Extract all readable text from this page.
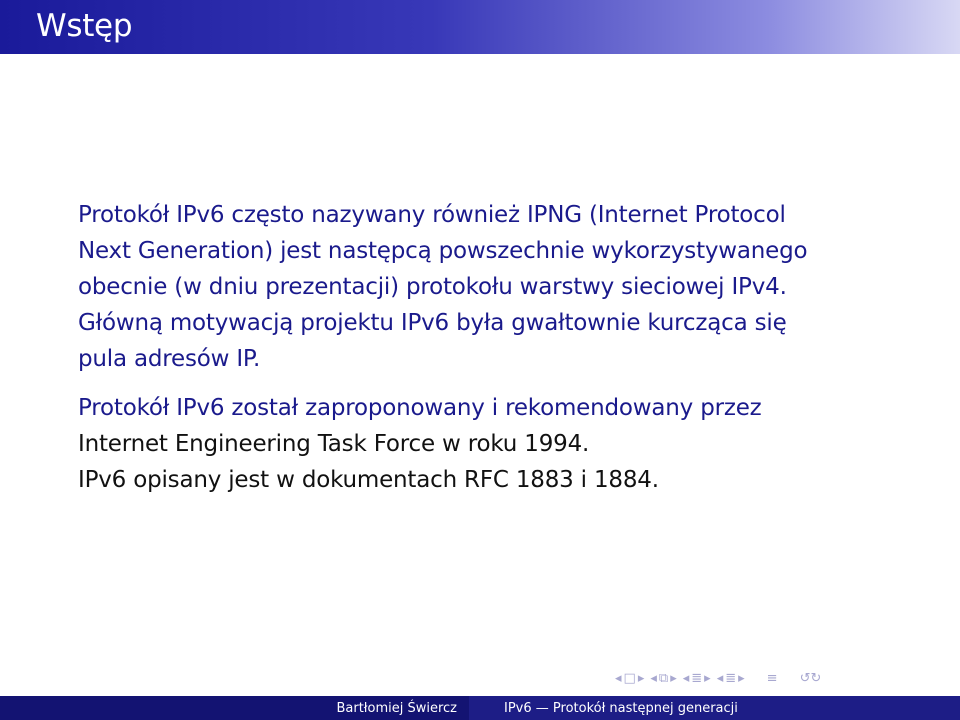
Wstęp

Protokół IPv6 często nazywany również IPNG (Internet Protocol
Next Generation) jest następcą powszechnie wykorzystywanego
obecnie (w dniu prezentacji) protokołu warstwy sieciowej IPv4.
Główną motywacją projektu IPv6 była gwałtownie kurcząca się
pula adresów IP.

Protokół IPv6 został zaproponowany i rekomendowany przez
Internet Engineering Task Force w roku 1994.
IPv6 opisany jest w dokumentach RFC 1883 i 1884.

◂ □ ▸ ◂ ⧉ ▸ ◂ ≣ ▸ ◂ ≣ ▸ ≡ ↺↻
Bartłomiej Świercz	IPv6 — Protokół następnej generacji
